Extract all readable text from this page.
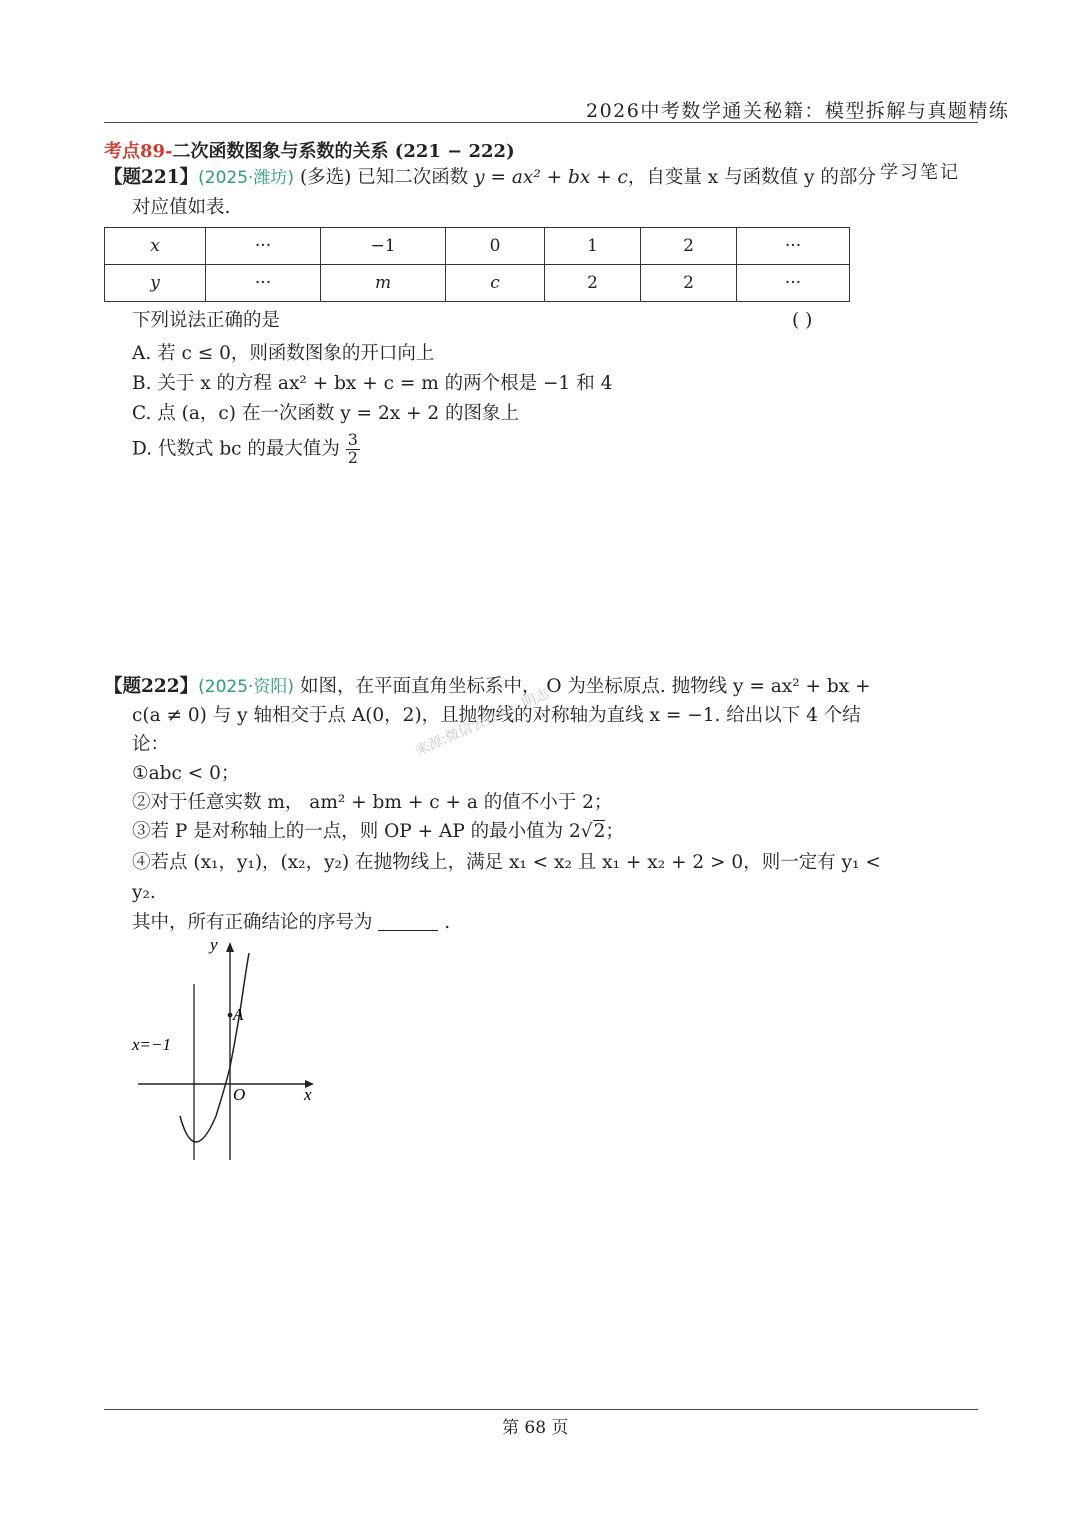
2026中考数学通关秘籍：模型拆解与真题精练
考点89-二次函数图象与系数的关系 (221 − 222)
学习笔记
【题221】(2025·潍坊) (多选) 已知二次函数 y = ax² + bx + c，自变量 x 与函数值 y 的部分
对应值如表.
x	···	−1	0	1	2	···
y	···	m	c	2	2	···
下列说法正确的是	( )
A. 若 c ≤ 0，则函数图象的开口向上
B. 关于 x 的方程 ax² + bx + c = m 的两个根是 −1 和 4
C. 点 (a，c) 在一次函数 y = 2x + 2 的图象上
D. 代数式 bc 的最大值为 $\frac{3}{2}$
【题222】(2025·资阳) 如图，在平面直角坐标系中， O 为坐标原点. 抛物线 y = ax² + bx +
c(a ≠ 0) 与 y 轴相交于点 A(0，2)，且抛物线的对称轴为直线 x = −1. 给出以下 4 个结
论：
①abc < 0；
②对于任意实数 m， am² + bm + c + a 的值不小于 2；
③若 P 是对称轴上的一点，则 OP + AP 的最小值为 2√2；
④若点 (x₁，y₁)，(x₂，y₂) 在抛物线上，满足 x₁ < x₂ 且 x₁ + x₂ + 2 > 0，则一定有 y₁ <
y₂.
其中，所有正确结论的序号为	.
来源:微信公众号：明志
y
x
O
A
x=−1
第 68 页
